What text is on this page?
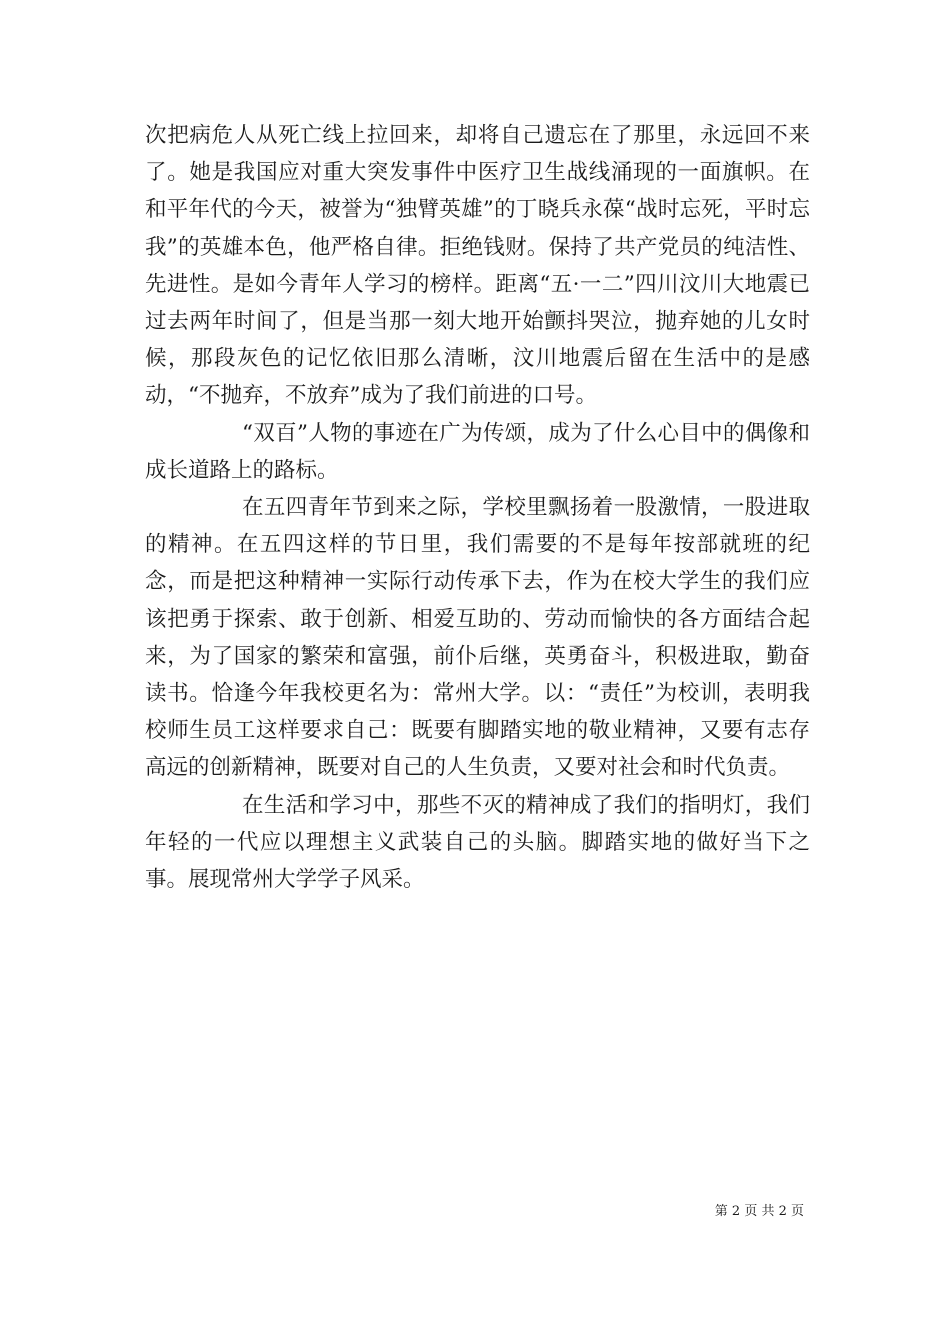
次把病危人从死亡线上拉回来，却将自己遗忘在了那里，永远回不来了。她是我国应对重大突发事件中医疗卫生战线涌现的一面旗帜。在和平年代的今天，被誉为“独臂英雄”的丁晓兵永葆“战时忘死，平时忘我”的英雄本色，他严格自律。拒绝钱财。保持了共产党员的纯洁性、先进性。是如今青年人学习的榜样。距离“五·一二”四川汶川大地震已过去两年时间了，但是当那一刻大地开始颤抖哭泣，抛弃她的儿女时候，那段灰色的记忆依旧那么清晰，汶川地震后留在生活中的是感动，“不抛弃，不放弃”成为了我们前进的口号。

“双百”人物的事迹在广为传颂，成为了什么心目中的偶像和成长道路上的路标。

在五四青年节到来之际，学校里飘扬着一股激情，一股进取的精神。在五四这样的节日里，我们需要的不是每年按部就班的纪念，而是把这种精神一实际行动传承下去，作为在校大学生的我们应该把勇于探索、敢于创新、相爱互助的、劳动而愉快的各方面结合起来，为了国家的繁荣和富强，前仆后继，英勇奋斗，积极进取，勤奋读书。恰逢今年我校更名为：常州大学。以：“责任”为校训，表明我校师生员工这样要求自己：既要有脚踏实地的敬业精神，又要有志存高远的创新精神，既要对自己的人生负责，又要对社会和时代负责。

在生活和学习中，那些不灭的精神成了我们的指明灯，我们年轻的一代应以理想主义武装自己的头脑。脚踏实地的做好当下之事。展现常州大学学子风采。

第 2 页 共 2 页
